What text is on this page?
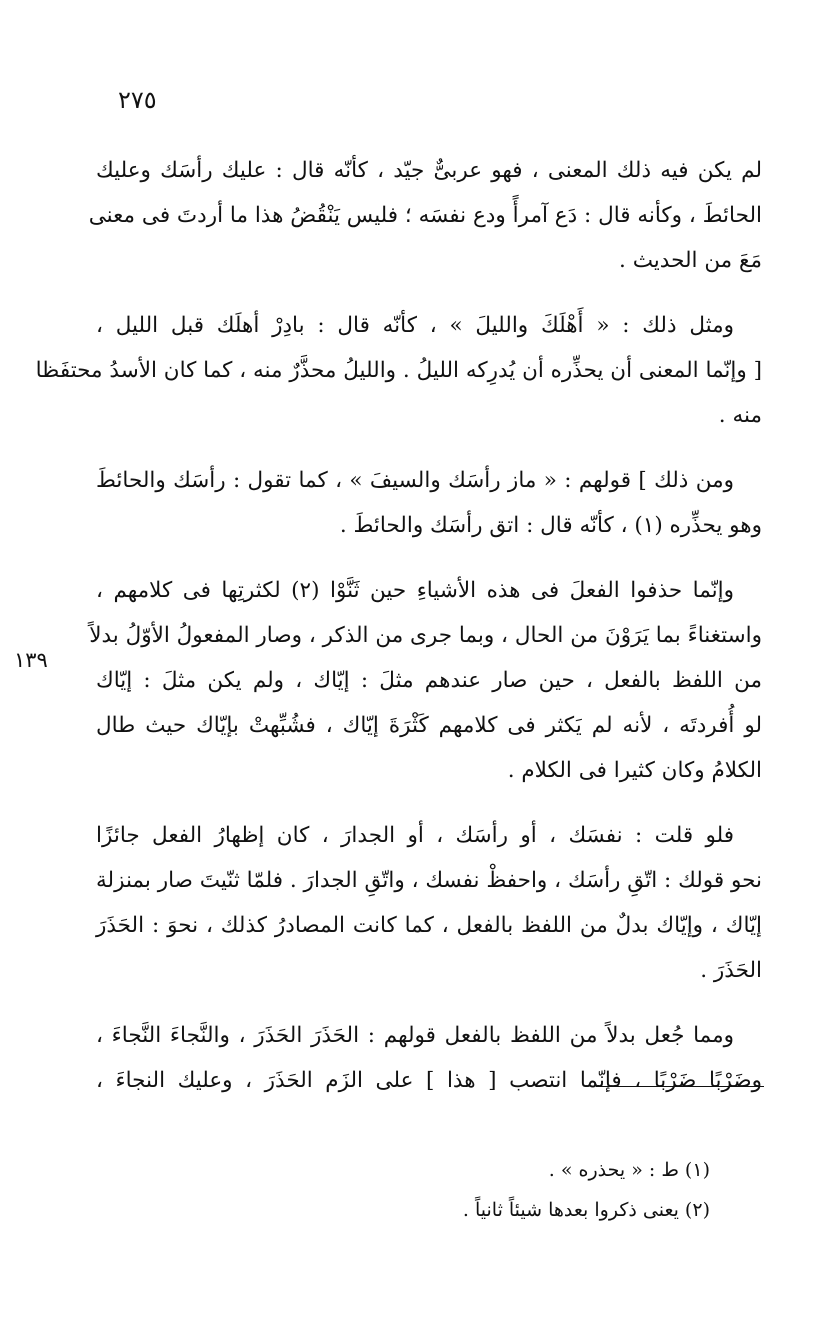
٢٧٥
١٣٩
لم يكن فيه ذلك المعنى ، فهو عربىٌّ جيّد ، كأنّه قال : عليك رأسَك وعليك
الحائطَ ، وكأنه قال : دَع آمرأً ودع نفسَه ؛ فليس يَنْقُضُ هذا ما أردتَ فى معنى
مَعَ من الحديث .
ومثل ذلك : « أَهْلَكَ والليلَ » ، كأنّه قال : بادِرْ أهلَك قبل الليل ،
[ وإنّما المعنى أن يحذِّره أن يُدرِكه الليلُ . والليلُ محذَّرٌ منه ، كما كان الأسدُ محتفَظا
منه .
ومن ذلك ] قولهم : « ماز رأسَك والسيفَ » ، كما تقول : رأسَك والحائطَ
وهو يحذِّره (١) ، كأنّه قال : اتق رأسَك والحائطَ .
وإنّما حذفوا الفعلَ فى هذه الأشياءِ حين ثَنَّوْا (٢) لكثرتِها فى كلامهم ،
واستغناءً بما يَرَوْنَ من الحال ، وبما جرى من الذكر ، وصار المفعولُ الأوّلُ بدلاً
من اللفظ بالفعل ، حين صار عندهم مثلَ : إيّاك ، ولم يكن مثلَ : إيّاك
لو أُفردتَه ، لأنه لم يَكثر فى كلامهم كَثْرَةَ إيّاك ، فشُبِّهتْ بإيّاك حيث طال
الكلامُ وكان كثيرا فى الكلام .
فلو قلت : نفسَك ، أو رأسَك ، أو الجدارَ ، كان إظهارُ الفعل جائزًا
نحو قولك : اتّقِ رأسَك ، واحفظْ نفسك ، واتّقِ الجدارَ . فلمّا ثنّيتَ صار بمنزلة
إيّاك ، وإيّاك بدلٌ من اللفظ بالفعل ، كما كانت المصادرُ كذلك ، نحوَ : الحَذَرَ
الحَذَرَ .
ومما جُعل بدلاً من اللفظ بالفعل قولهم : الحَذَرَ الحَذَرَ ، والنَّجاءَ النَّجاءَ ،
وضَرْبًا ضَرْبًا ، فإنّما انتصب [ هذا ] على الزَم الحَذَرَ ، وعليك النجاءَ ،
(١) ط : « يحذره » .
(٢) يعنى ذكروا بعدها شيئاً ثانياً .
